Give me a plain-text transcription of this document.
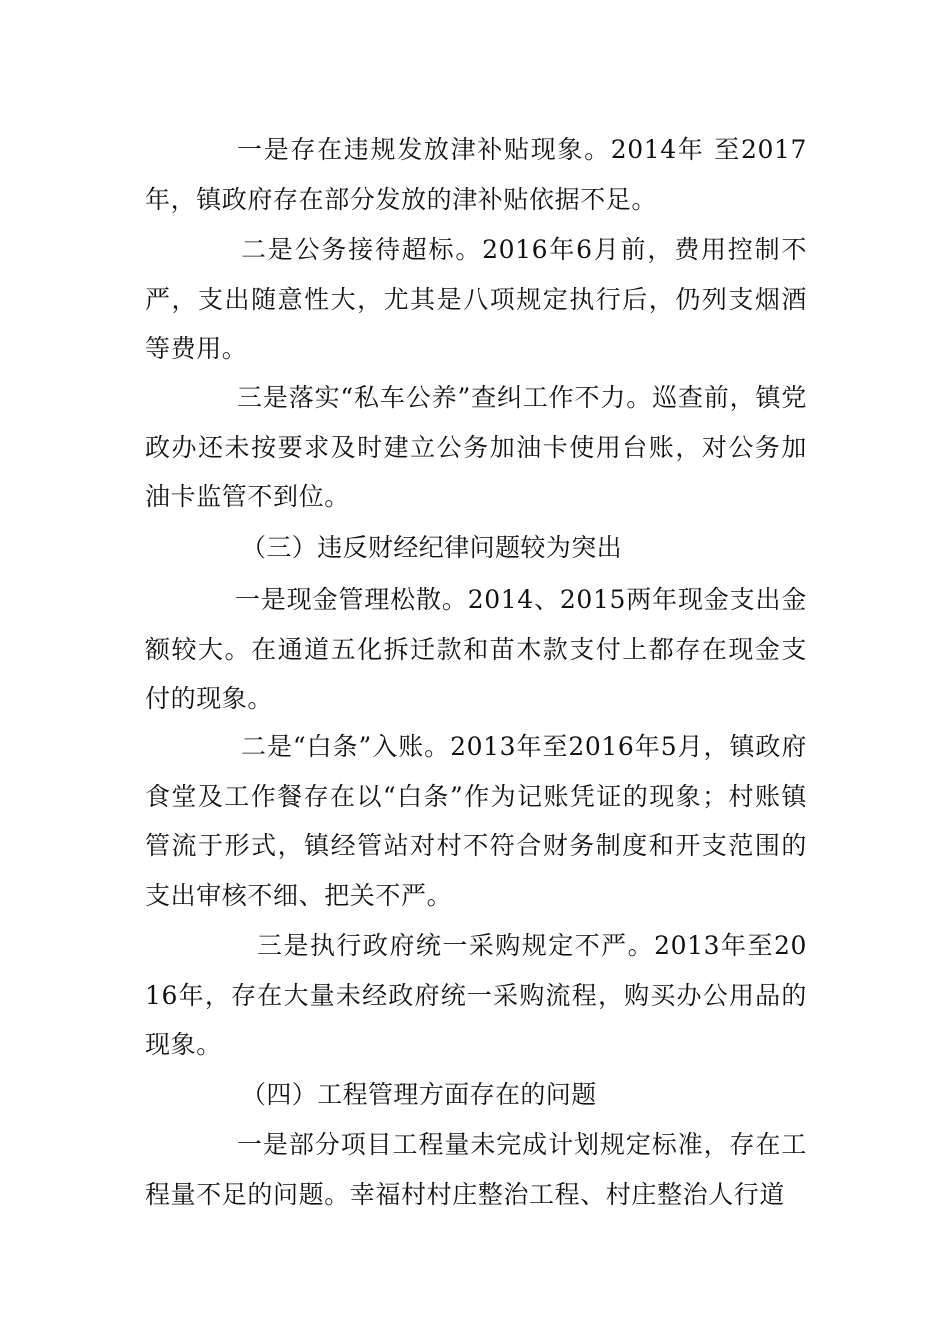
一是存在违规发放津补贴现象。2014年 至2017年，镇政府存在部分发放的津补贴依据不足。

二是公务接待超标。2016年6月前，费用控制不严，支出随意性大，尤其是八项规定执行后，仍列支烟酒等费用。

三是落实“私车公养”查纠工作不力。巡查前，镇党政办还未按要求及时建立公务加油卡使用台账，对公务加油卡监管不到位。

（三）违反财经纪律问题较为突出

一是现金管理松散。2014、2015两年现金支出金额较大。在通道五化拆迁款和苗木款支付上都存在现金支付的现象。

二是“白条”入账。2013年至2016年5月，镇政府食堂及工作餐存在以“白条”作为记账凭证的现象；村账镇管流于形式，镇经管站对村不符合财务制度和开支范围的支出审核不细、把关不严。

三是执行政府统一采购规定不严。2013年至2016年，存在大量未经政府统一采购流程，购买办公用品的现象。

（四）工程管理方面存在的问题

一是部分项目工程量未完成计划规定标准，存在工程量不足的问题。幸福村村庄整治工程、村庄整治人行道
